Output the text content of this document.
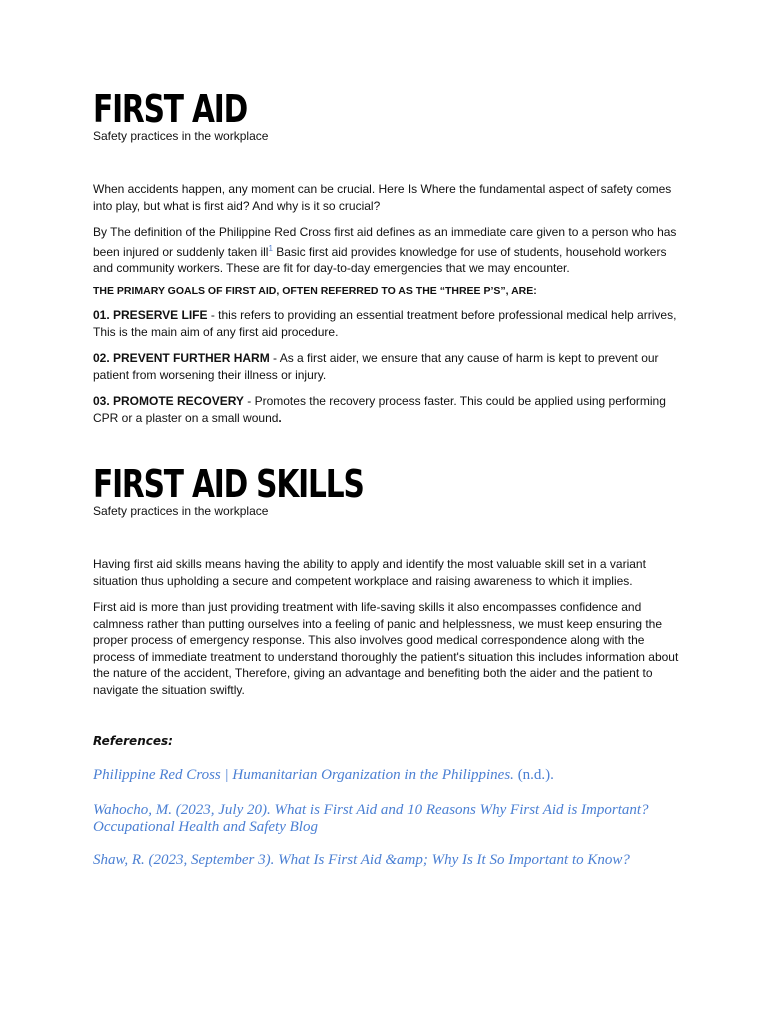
FIRST AID

Safety practices in the workplace

When accidents happen, any moment can be crucial. Here Is Where the fundamental aspect of safety comes into play, but what is first aid? And why is it so crucial?

By The definition of the Philippine Red Cross first aid defines as an immediate care given to a person who has been injured or suddenly taken ill$^1$ Basic first aid provides knowledge for use of students, household workers and community workers. These are fit for day-to-day emergencies that we may encounter.

THE PRIMARY GOALS OF FIRST AID, OFTEN REFERRED TO AS THE “THREE P’S”, ARE:

01. PRESERVE LIFE - this refers to providing an essential treatment before professional medical help arrives, This is the main aim of any first aid procedure.

02. PREVENT FURTHER HARM - As a first aider, we ensure that any cause of harm is kept to prevent our patient from worsening their illness or injury.

03. PROMOTE RECOVERY - Promotes the recovery process faster. This could be applied using performing CPR or a plaster on a small wound.

FIRST AID SKILLS

Safety practices in the workplace

Having first aid skills means having the ability to apply and identify the most valuable skill set in a variant situation thus upholding a secure and competent workplace and raising awareness to which it implies.

First aid is more than just providing treatment with life-saving skills it also encompasses confidence and calmness rather than putting ourselves into a feeling of panic and helplessness, we must keep ensuring the proper process of emergency response. This also involves good medical correspondence along with the process of immediate treatment to understand thoroughly the patient's situation this includes information about the nature of the accident, Therefore, giving an advantage and benefiting both the aider and the patient to navigate the situation swiftly.

References:

Philippine Red Cross | Humanitarian Organization in the Philippines. (n.d.).

Wahocho, M. (2023, July 20). What is First Aid and 10 Reasons Why First Aid is Important? Occupational Health and Safety Blog

Shaw, R. (2023, September 3). What Is First Aid &amp; Why Is It So Important to Know?
